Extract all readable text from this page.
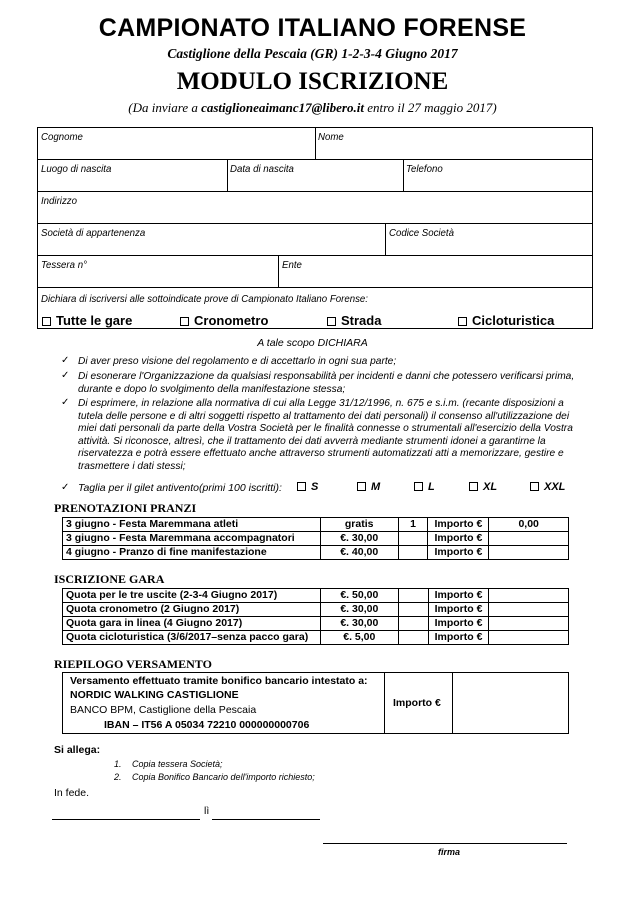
CAMPIONATO ITALIANO FORENSE
Castiglione della Pescaia (GR) 1-2-3-4 Giugno 2017
MODULO ISCRIZIONE
(Da inviare a castiglioneaimanc17@libero.it entro il 27 maggio 2017)
Cognome	Nome
Luogo di nascita	Data di nascita	Telefono
Indirizzo
Società di appartenenza	Codice Società
Tessera n°	Ente
Dichiara di iscriversi alle sottoindicate prove di Campionato Italiano Forense:
Tutte le gare	Cronometro	Strada	Cicloturistica
A tale scopo DICHIARA
✓ Di aver preso visione del regolamento e di accettarlo in ogni sua parte;
✓ Di esonerare l'Organizzazione da qualsiasi responsabilità per incidenti e danni che potessero verificarsi prima, durante e dopo lo svolgimento della manifestazione stessa;
✓ Di esprimere, in relazione alla normativa di cui alla Legge 31/12/1996, n. 675 e s.i.m. (recante disposizioni a tutela delle persone e di altri soggetti rispetto al trattamento dei dati personali) il consenso all'utilizzazione dei miei dati personali da parte della Vostra Società per le finalità connesse o strumentali all'esercizio della Vostra attività. Si riconosce, altresì, che il trattamento dei dati avverrà mediante strumenti idonei a garantirne la riservatezza e potrà essere effettuato anche attraverso strumenti automatizzati atti a memorizzare, gestire e trasmettere i dati stessi;
✓ Taglia per il gilet antivento(primi 100 iscritti):	S	M	L	XL	XXL
PRENOTAZIONI PRANZI
3 giugno - Festa Maremmana atleti	gratis	1	Importo €	0,00
3 giugno - Festa Maremmana accompagnatori	€. 30,00		Importo €	
4 giugno - Pranzo di fine manifestazione	€. 40,00		Importo €	
ISCRIZIONE GARA
Quota per le tre uscite (2-3-4 Giugno 2017)	€. 50,00		Importo €	
Quota cronometro (2 Giugno 2017)	€. 30,00		Importo €	
Quota gara in linea (4 Giugno 2017)	€. 30,00		Importo €	
Quota cicloturistica (3/6/2017–senza pacco gara)	€. 5,00		Importo €	
RIEPILOGO VERSAMENTO
Versamento effettuato tramite bonifico bancario intestato a:
NORDIC WALKING CASTIGLIONE
BANCO BPM, Castiglione della Pescaia
IBAN – IT56 A 05034 72210 000000000706
Importo €
Si allega:
1. Copia tessera Società;
2. Copia Bonifico Bancario dell'importo richiesto;
In fede.
lì
firma
